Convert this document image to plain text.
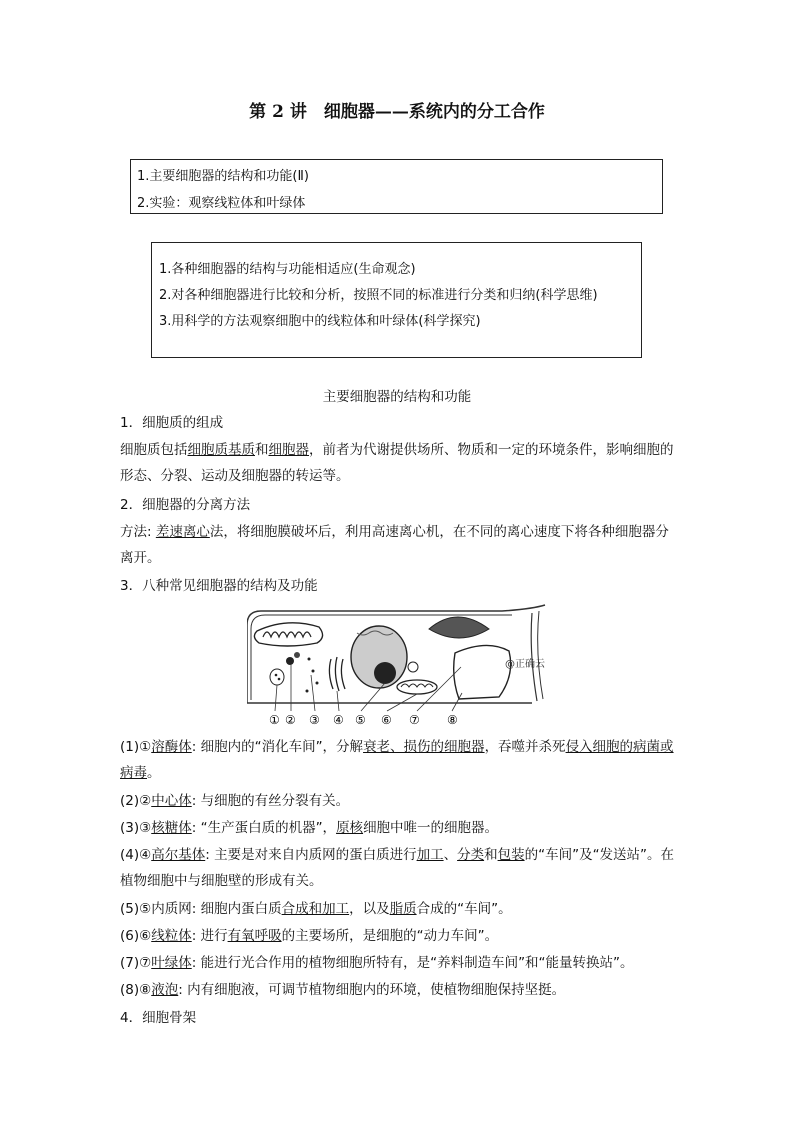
第 2 讲　细胞器——系统内的分工合作
1.主要细胞器的结构和功能(Ⅱ)
2.实验：观察线粒体和叶绿体
1.各种细胞器的结构与功能相适应(生命观念)
2.对各种细胞器进行比较和分析，按照不同的标准进行分类和归纳(科学思维)
3.用科学的方法观察细胞中的线粒体和叶绿体(科学探究)
主要细胞器的结构和功能
1．细胞质的组成
细胞质包括细胞质基质和细胞器，前者为代谢提供场所、物质和一定的环境条件，影响细胞的形态、分裂、运动及细胞器的转运等。
2．细胞器的分离方法
方法: 差速离心法，将细胞膜破坏后，利用高速离心机，在不同的离心速度下将各种细胞器分离开。
3．八种常见细胞器的结构及功能
① ② ③ ④ ⑤ ⑥ ⑦ ⑧
@正确云
(1)①溶酶体: 细胞内的“消化车间”，分解衰老、损伤的细胞器，吞噬并杀死侵入细胞的病菌或病毒。
(2)②中心体: 与细胞的有丝分裂有关。
(3)③核糖体: “生产蛋白质的机器”，原核细胞中唯一的细胞器。
(4)④高尔基体: 主要是对来自内质网的蛋白质进行加工、分类和包装的“车间”及“发送站”。在植物细胞中与细胞壁的形成有关。
(5)⑤内质网: 细胞内蛋白质合成和加工，以及脂质合成的“车间”。
(6)⑥线粒体: 进行有氧呼吸的主要场所，是细胞的“动力车间”。
(7)⑦叶绿体: 能进行光合作用的植物细胞所特有，是“养料制造车间”和“能量转换站”。
(8)⑧液泡: 内有细胞液，可调节植物细胞内的环境，使植物细胞保持坚挺。
4．细胞骨架
